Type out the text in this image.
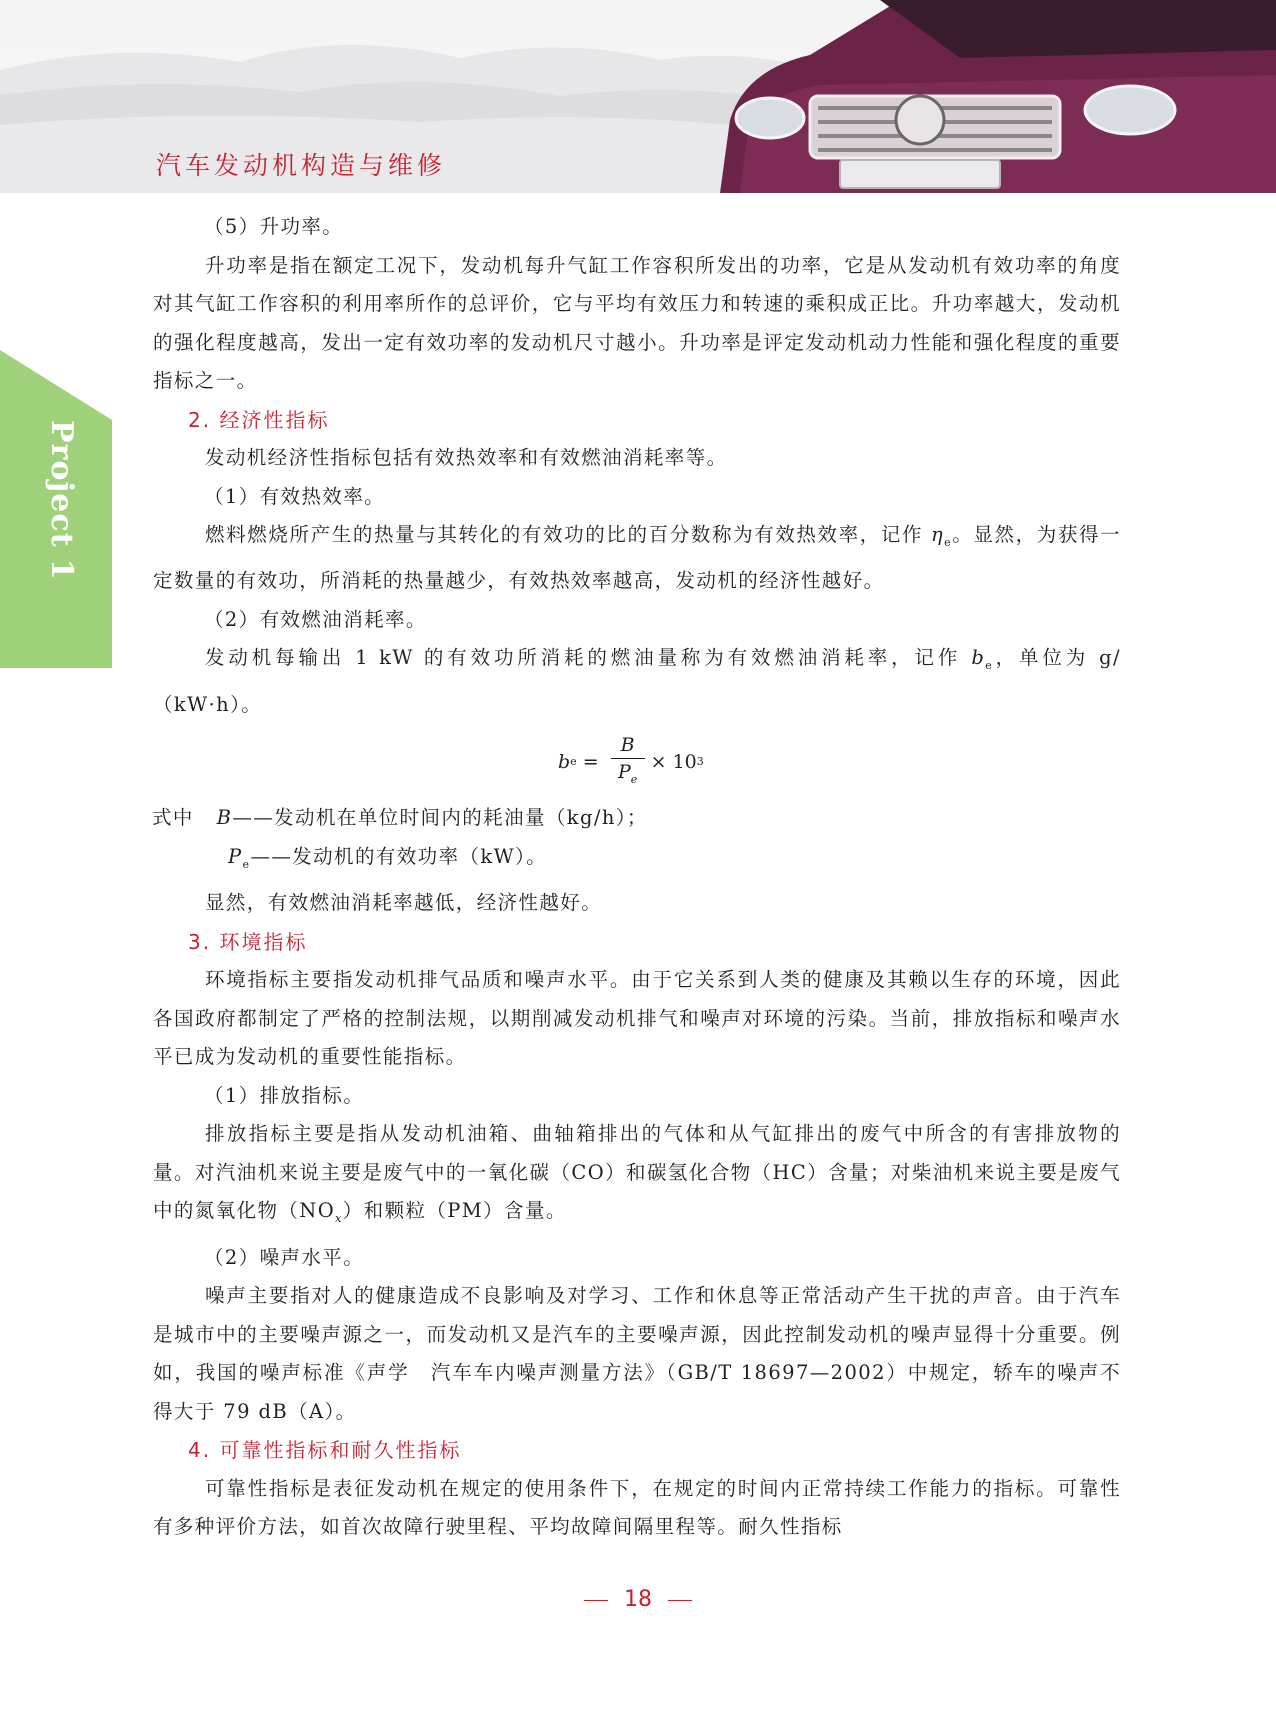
汽车发动机构造与维修
Project 1

（5）升功率。

升功率是指在额定工况下，发动机每升气缸工作容积所发出的功率，它是从发动机有效功率的角度对其气缸工作容积的利用率所作的总评价，它与平均有效压力和转速的乘积成正比。升功率越大，发动机的强化程度越高，发出一定有效功率的发动机尺寸越小。升功率是评定发动机动力性能和强化程度的重要指标之一。

2. 经济性指标

发动机经济性指标包括有效热效率和有效燃油消耗率等。

（1）有效热效率。

燃料燃烧所产生的热量与其转化的有效功的比的百分数称为有效热效率，记作 $\eta_e$。显然，为获得一定数量的有效功，所消耗的热量越少，有效热效率越高，发动机的经济性越好。

（2）有效燃油消耗率。

发动机每输出 1 kW 的有效功所消耗的燃油量称为有效燃油消耗率，记作 $b_e$，单位为 g/（kW·h）。

b $e = \frac{B}{P_e} \times 10$ 3
式中 B——发动机在单位时间内的耗油量（kg/h）；
$P_e——$发动机的有效功率（kW）。

显然，有效燃油消耗率越低，经济性越好。

3. 环境指标

环境指标主要指发动机排气品质和噪声水平。由于它关系到人类的健康及其赖以生存的环境，因此各国政府都制定了严格的控制法规，以期削减发动机排气和噪声对环境的污染。当前，排放指标和噪声水平已成为发动机的重要性能指标。

（1）排放指标。

排放指标主要是指从发动机油箱、曲轴箱排出的气体和从气缸排出的废气中所含的有害排放物的量。对汽油机来说主要是废气中的一氧化碳（CO）和碳氢化合物（HC）含量；对柴油机来说主要是废气中的氮氧化物$(NO_x)$和颗粒（PM）含量。

（2）噪声水平。

噪声主要指对人的健康造成不良影响及对学习、工作和休息等正常活动产生干扰的声音。由于汽车是城市中的主要噪声源之一，而发动机又是汽车的主要噪声源，因此控制发动机的噪声显得十分重要。例如，我国的噪声标准《声学　汽车车内噪声测量方法》（GB/T 18697—2002）中规定，轿车的噪声不得大于 79 dB（A）。

4. 可靠性指标和耐久性指标

可靠性指标是表征发动机在规定的使用条件下，在规定的时间内正常持续工作能力的指标。可靠性有多种评价方法，如首次故障行驶里程、平均故障间隔里程等。耐久性指标

18
